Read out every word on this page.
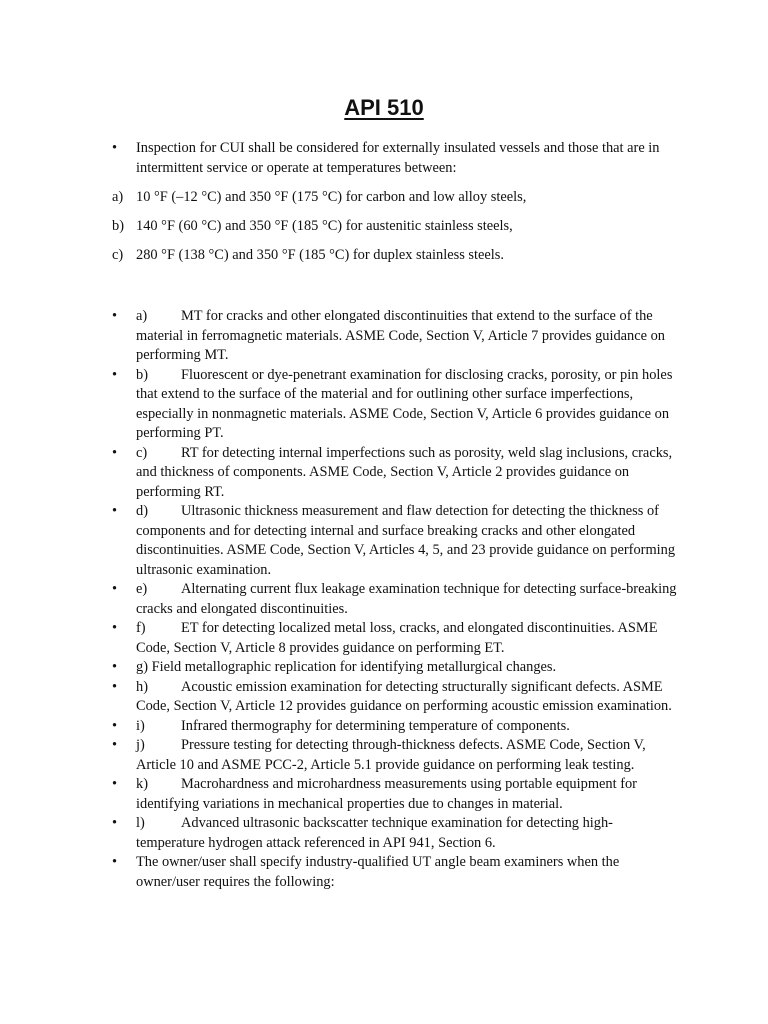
API 510
• Inspection for CUI shall be considered for externally insulated vessels and those that are in intermittent service or operate at temperatures between:
a) 10 °F (–12 °C) and 350 °F (175 °C) for carbon and low alloy steels,
b) 140 °F (60 °C) and 350 °F (185 °C) for austenitic stainless steels,
c) 280 °F (138 °C) and 350 °F (185 °C) for duplex stainless steels.
• a) MT for cracks and other elongated discontinuities that extend to the surface of the material in ferromagnetic materials. ASME Code, Section V, Article 7 provides guidance on performing MT.
• b) Fluorescent or dye-penetrant examination for disclosing cracks, porosity, or pin holes that extend to the surface of the material and for outlining other surface imperfections, especially in nonmagnetic materials. ASME Code, Section V, Article 6 provides guidance on performing PT.
• c) RT for detecting internal imperfections such as porosity, weld slag inclusions, cracks, and thickness of components. ASME Code, Section V, Article 2 provides guidance on performing RT.
• d) Ultrasonic thickness measurement and flaw detection for detecting the thickness of components and for detecting internal and surface breaking cracks and other elongated discontinuities. ASME Code, Section V, Articles 4, 5, and 23 provide guidance on performing ultrasonic examination.
• e) Alternating current flux leakage examination technique for detecting surface-breaking cracks and elongated discontinuities.
• f) ET for detecting localized metal loss, cracks, and elongated discontinuities. ASME Code, Section V, Article 8 provides guidance on performing ET.
• g) Field metallographic replication for identifying metallurgical changes.
• h) Acoustic emission examination for detecting structurally significant defects. ASME Code, Section V, Article 12 provides guidance on performing acoustic emission examination.
• i)	Infrared thermography for determining temperature of components.
• j)	Pressure testing for detecting through-thickness defects. ASME Code, Section V, Article 10 and ASME PCC-2, Article 5.1 provide guidance on performing leak testing.
• k) Macrohardness and microhardness measurements using portable equipment for identifying variations in mechanical properties due to changes in material.
• l)	Advanced ultrasonic backscatter technique examination for detecting high-temperature hydrogen attack referenced in API 941, Section 6.
• The owner/user shall specify industry-qualified UT angle beam examiners when the owner/user requires the following:
